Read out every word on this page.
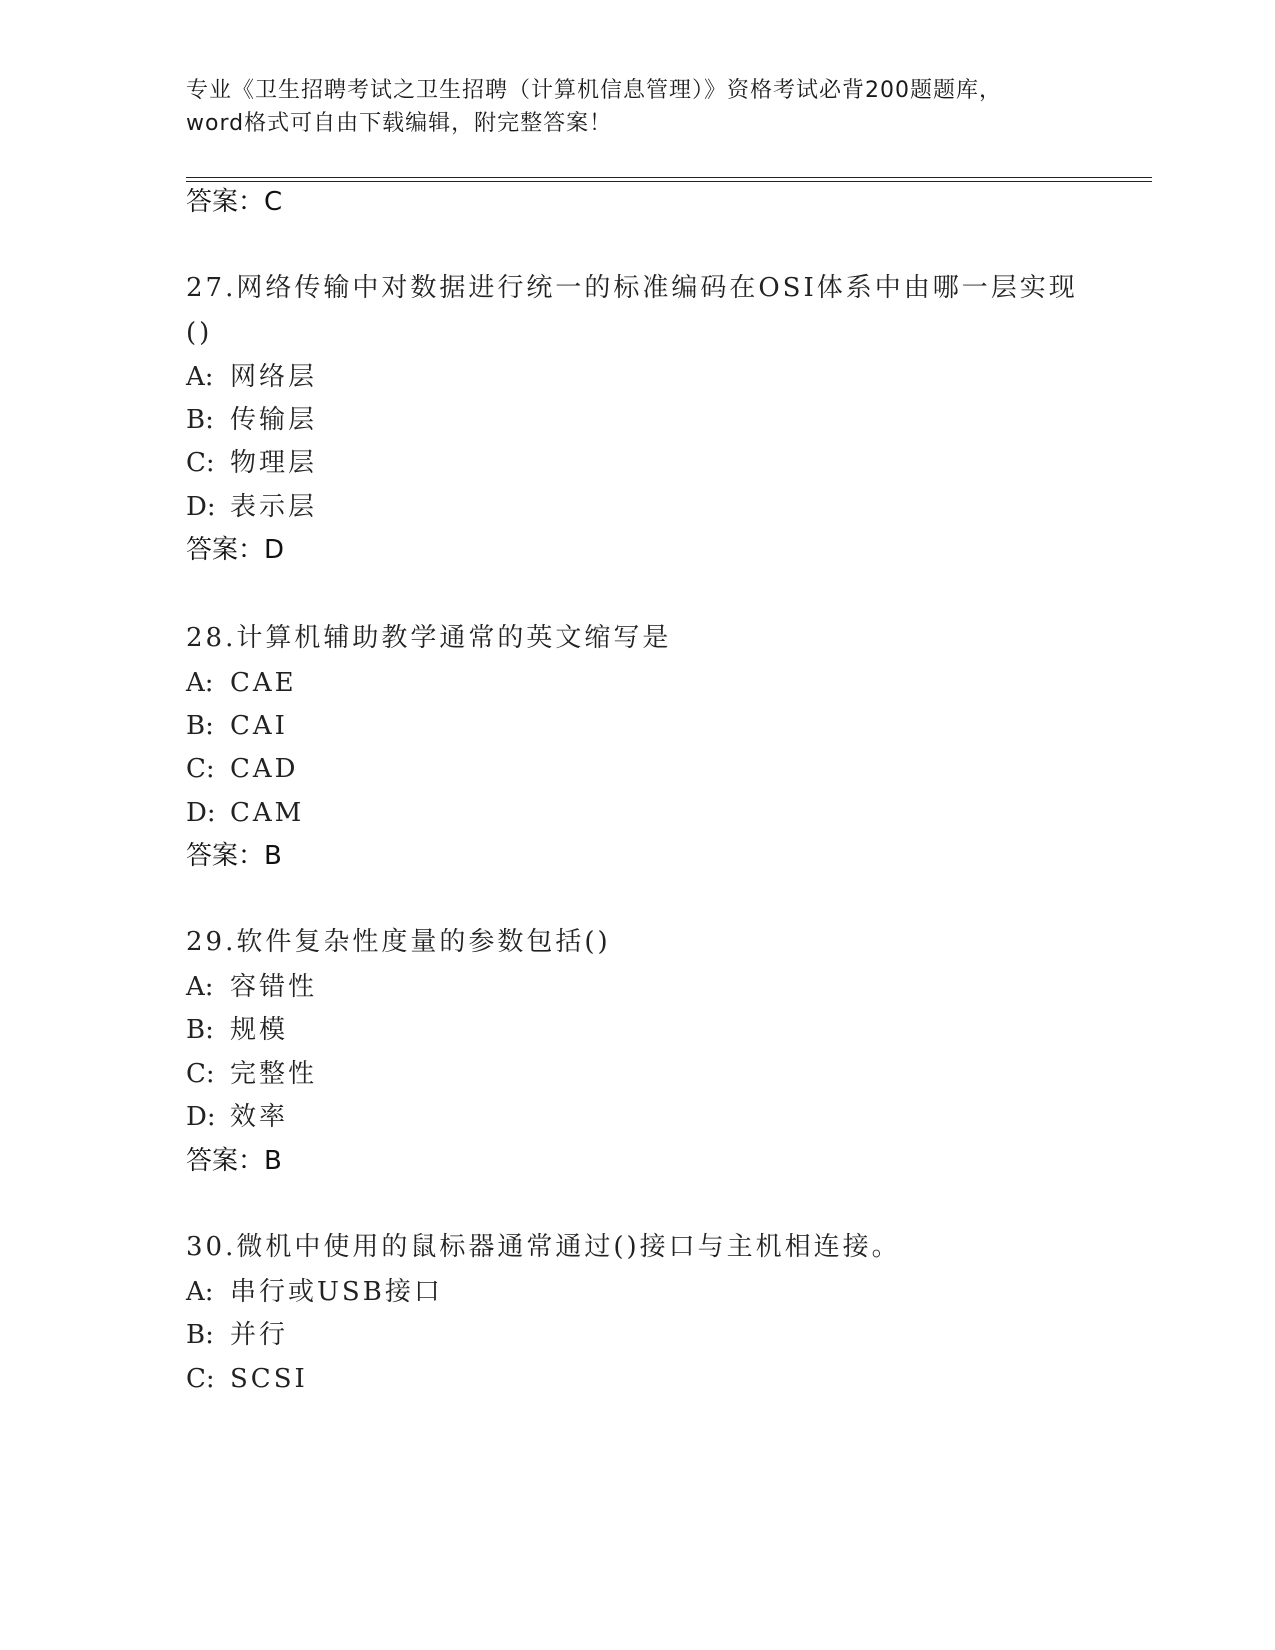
专业《卫生招聘考试之卫生招聘（计算机信息管理）》资格考试必背200题题库，
word格式可自由下载编辑，附完整答案！
答案：C
27.网络传输中对数据进行统一的标准编码在OSI体系中由哪一层实现()
A: 网络层
B: 传输层
C: 物理层
D: 表示层
答案：D
28.计算机辅助教学通常的英文缩写是
A: CAE
B: CAI
C: CAD
D: CAM
答案：B
29.软件复杂性度量的参数包括()
A: 容错性
B: 规模
C: 完整性
D: 效率
答案：B
30.微机中使用的鼠标器通常通过()接口与主机相连接。
A: 串行或USB接口
B: 并行
C: SCSI
